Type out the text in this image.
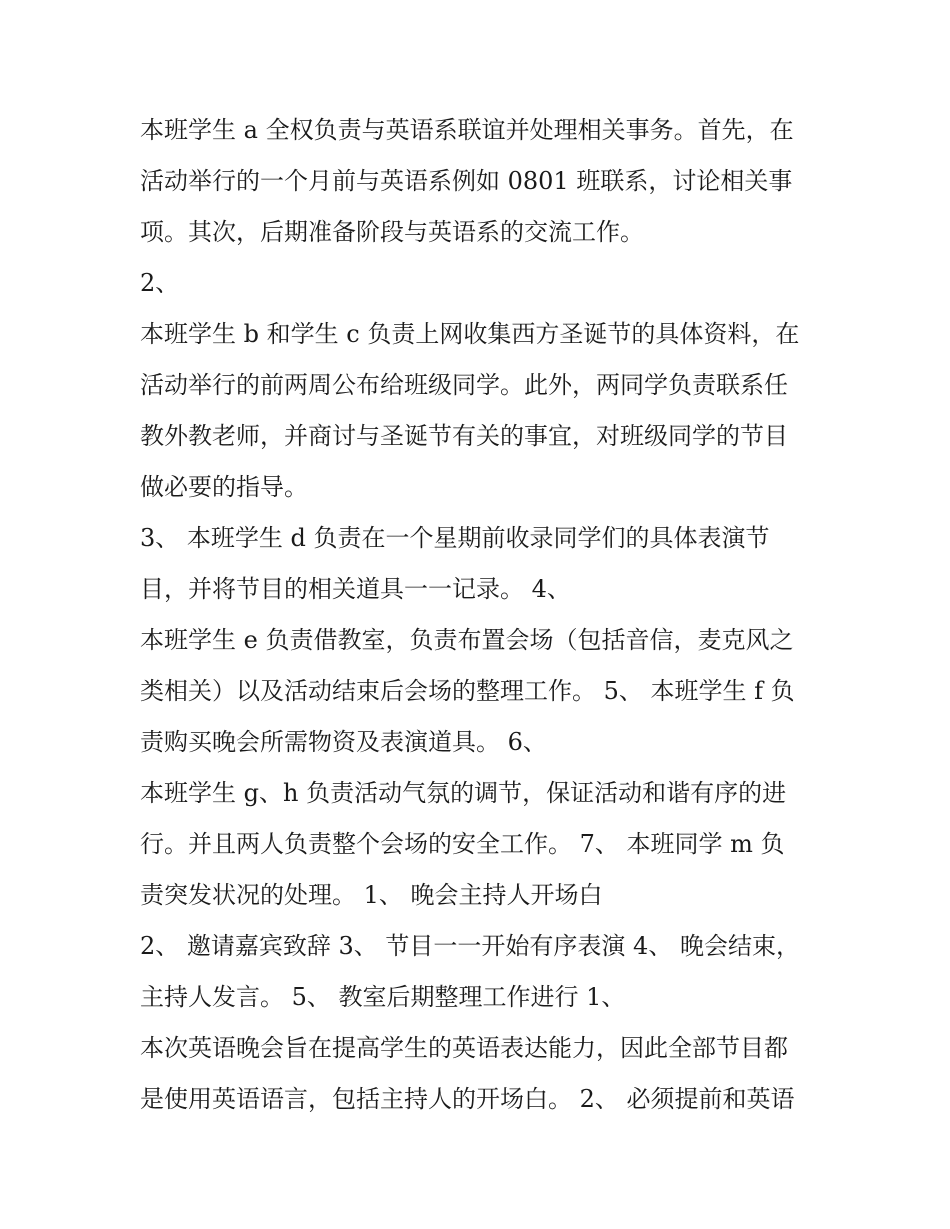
本班学生 a 全权负责与英语系联谊并处理相关事务。首先，在
活动举行的一个月前与英语系例如 0801 班联系，讨论相关事
项。其次，后期准备阶段与英语系的交流工作。
2、
本班学生 b 和学生 c 负责上网收集西方圣诞节的具体资料，在
活动举行的前两周公布给班级同学。此外，两同学负责联系任
教外教老师，并商讨与圣诞节有关的事宜，对班级同学的节目
做必要的指导。
3、 本班学生 d 负责在一个星期前收录同学们的具体表演节
目，并将节目的相关道具一一记录。 4、
本班学生 e 负责借教室，负责布置会场（包括音信，麦克风之
类相关）以及活动结束后会场的整理工作。 5、 本班学生 f 负
责购买晚会所需物资及表演道具。 6、
本班学生 g、h 负责活动气氛的调节，保证活动和谐有序的进
行。并且两人负责整个会场的安全工作。 7、 本班同学 m 负
责突发状况的处理。 1、 晚会主持人开场白
2、 邀请嘉宾致辞 3、 节目一一开始有序表演 4、 晚会结束，
主持人发言。 5、 教室后期整理工作进行 1、
本次英语晚会旨在提高学生的英语表达能力，因此全部节目都
是使用英语语言，包括主持人的开场白。 2、 必须提前和英语
